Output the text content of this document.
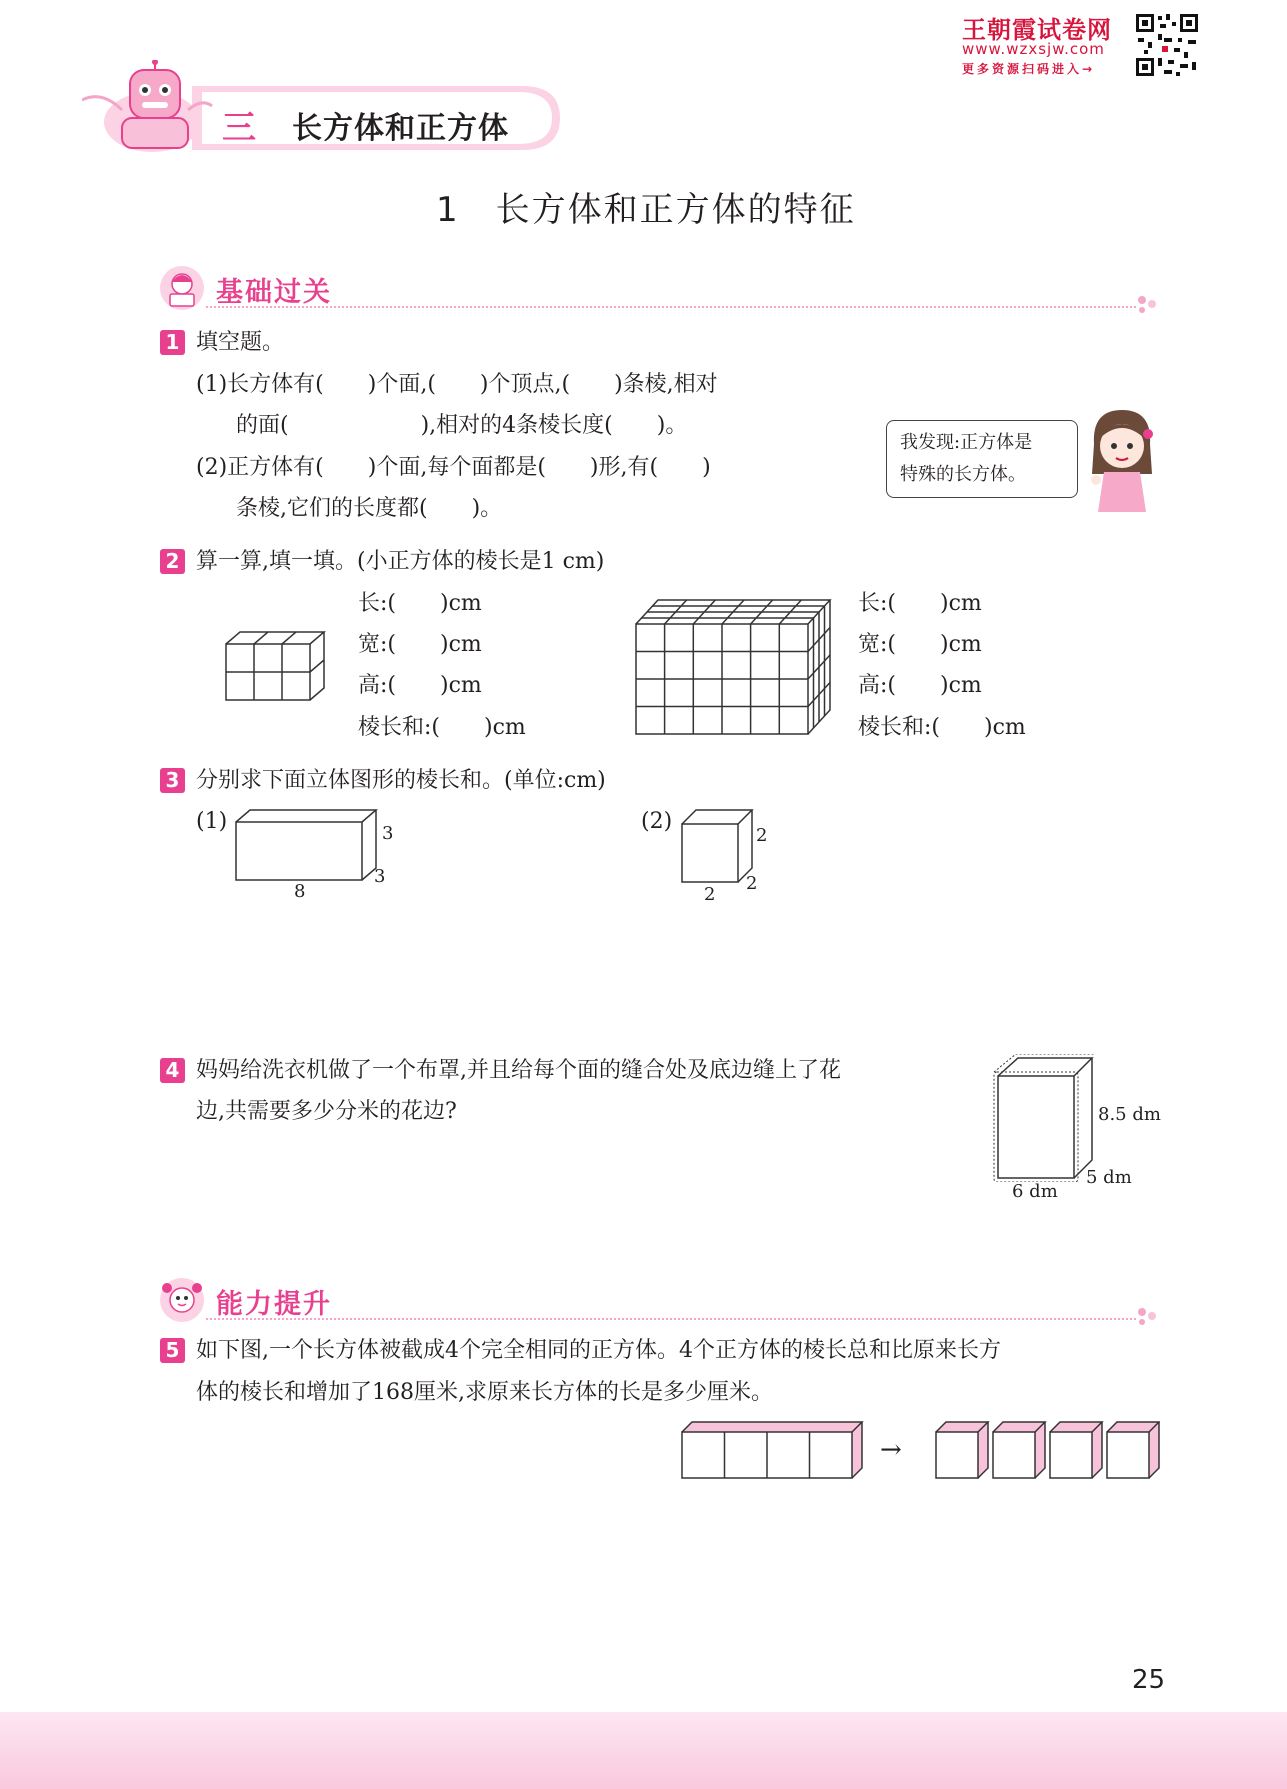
王朝霞试卷网
www.wzxsjw.com
更多资源扫码进入→
三 长方体和正方体
1　长方体和正方体的特征
基础过关
1 填空题。
(1)长方体有(　　)个面,(　　)个顶点,(　　)条棱,相对
的面(　　　　　　),相对的4条棱长度(　　)。
(2)正方体有(　　)个面,每个面都是(　　)形,有(　　)
条棱,它们的长度都(　　)。
我发现:正方体是
特殊的长方体。
2 算一算,填一填。(小正方体的棱长是1 cm)
长:(　　)cm
宽:(　　)cm
高:(　　)cm
棱长和:(　　)cm
长:(　　)cm
宽:(　　)cm
高:(　　)cm
棱长和:(　　)cm
3 分别求下面立体图形的棱长和。(单位:cm)
(1)	3
3
8
(2)
2
2
2
4 妈妈给洗衣机做了一个布罩,并且给每个面的缝合处及底边缝上了花
边,共需要多少分米的花边?	8.5 dm
5 dm
6 dm
能力提升
5 如下图,一个长方体被截成4个完全相同的正方体。4个正方体的棱长总和比原来长方
体的棱长和增加了168厘米,求原来长方体的长是多少厘米。
→
25
